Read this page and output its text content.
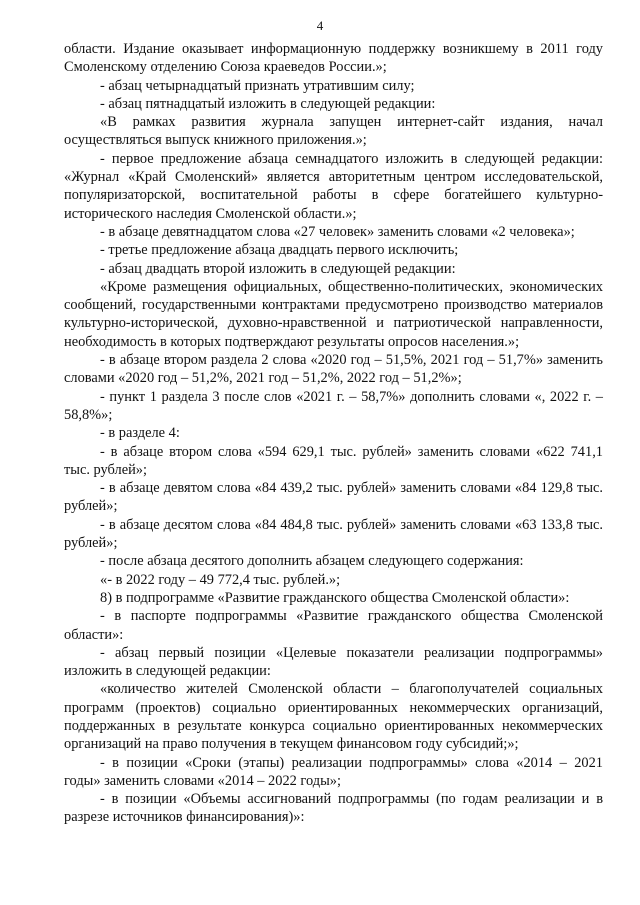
4

области. Издание оказывает информационную поддержку возникшему в 2011 году Смоленскому отделению Союза краеведов России.»;

- абзац четырнадцатый признать утратившим силу;

- абзац пятнадцатый изложить в следующей редакции:

«В рамках развития журнала запущен интернет-сайт издания, начал осуществляться выпуск книжного приложения.»;

- первое предложение абзаца семнадцатого изложить в следующей редакции: «Журнал «Край Смоленский» является авторитетным центром исследовательской, популяризаторской, воспитательной работы в сфере богатейшего культурно-исторического наследия Смоленской области.»;

- в абзаце девятнадцатом слова «27 человек» заменить словами «2 человека»;

- третье предложение абзаца двадцать первого исключить;

- абзац двадцать второй изложить в следующей редакции:

«Кроме размещения официальных, общественно-политических, экономических сообщений, государственными контрактами предусмотрено производство материалов культурно-исторической, духовно-нравственной и патриотической направленности, необходимость в которых подтверждают результаты опросов населения.»;

- в абзаце втором раздела 2 слова «2020 год – 51,5%, 2021 год – 51,7%» заменить словами «2020 год – 51,2%, 2021 год – 51,2%, 2022 год – 51,2%»;

- пункт 1 раздела 3 после слов «2021 г. – 58,7%» дополнить словами «, 2022 г. – 58,8%»;

- в разделе 4:

- в абзаце втором слова «594 629,1 тыс. рублей» заменить словами «622 741,1 тыс. рублей»;

- в абзаце девятом слова «84 439,2 тыс. рублей» заменить словами «84 129,8 тыс. рублей»;

- в абзаце десятом слова «84 484,8 тыс. рублей» заменить словами «63 133,8 тыс. рублей»;

- после абзаца десятого дополнить абзацем следующего содержания:

«- в 2022 году – 49 772,4 тыс. рублей.»;

8) в подпрограмме «Развитие гражданского общества Смоленской области»:

- в паспорте подпрограммы «Развитие гражданского общества Смоленской области»:

- абзац первый позиции «Целевые показатели реализации подпрограммы» изложить в следующей редакции:

«количество жителей Смоленской области – благополучателей социальных программ (проектов) социально ориентированных некоммерческих организаций, поддержанных в результате конкурса социально ориентированных некоммерческих организаций на право получения в текущем финансовом году субсидий;»;

- в позиции «Сроки (этапы) реализации подпрограммы» слова «2014 – 2021 годы» заменить словами «2014 – 2022 годы»;

- в позиции «Объемы ассигнований подпрограммы (по годам реализации и в разрезе источников финансирования)»:
